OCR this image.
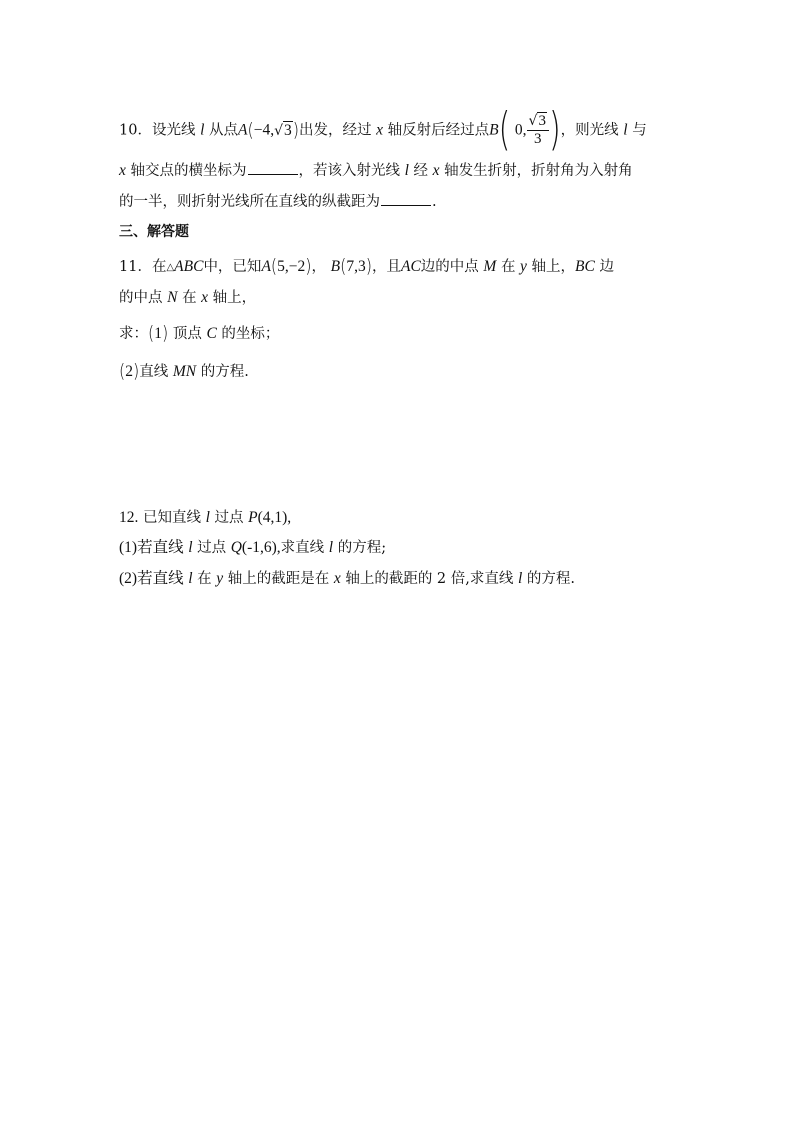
10．设光线 l 从点A(−4,√3)出发，经过 x 轴反射后经过点B( 0, $\frac{√3}{3}$ )，则光线 l 与
x 轴交点的横坐标为	，若该入射光线 l 经 x 轴发生折射，折射角为入射角
的一半，则折射光线所在直线的纵截距为	.
三、解答题
11．在△ABC中，已知A(5,−2)， B(7,3)，且AC边的中点 M 在 y 轴上，BC 边
的中点 N 在 x 轴上，
求：(1) 顶点 C 的坐标；
(2)直线 MN 的方程.
12. 已知直线 l 过点 P(4,1),
(1)若直线 l 过点 Q(-1,6),求直线 l 的方程;
(2)若直线 l 在 y 轴上的截距是在 x 轴上的截距的 2 倍,求直线 l 的方程.
